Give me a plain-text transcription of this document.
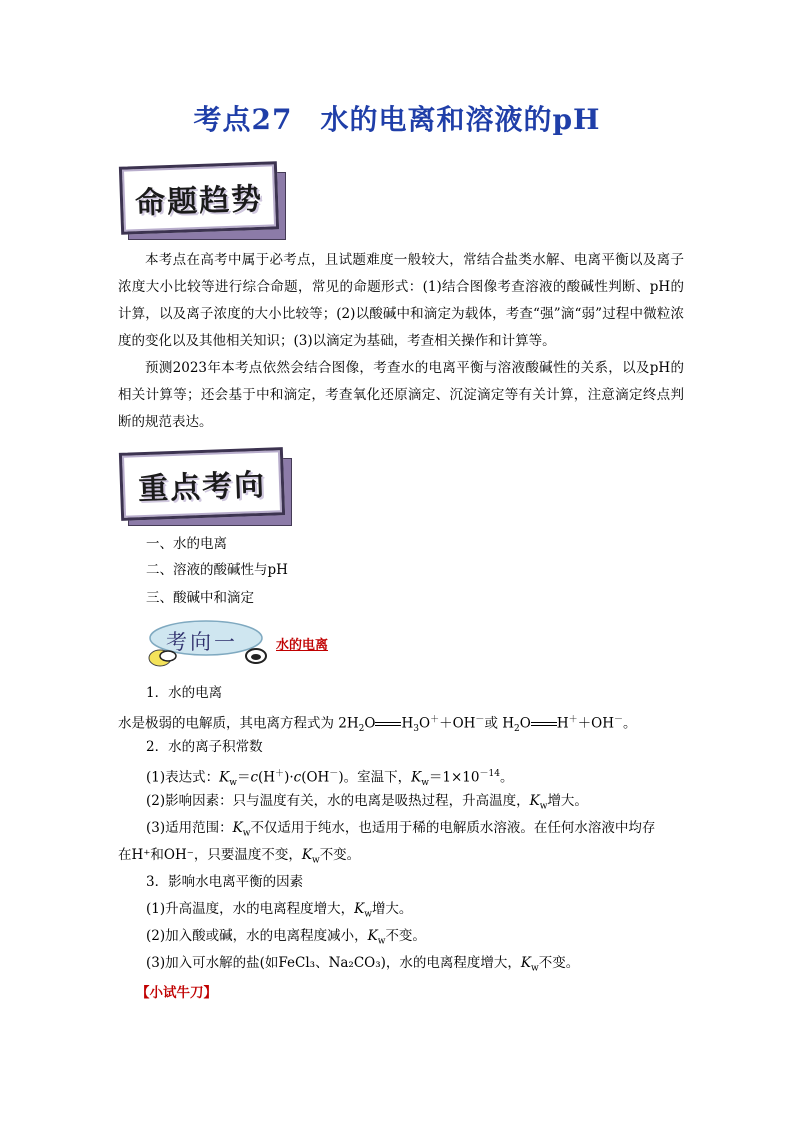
考点27 水的电离和溶液的pH
命题趋势

本考点在高考中属于必考点，且试题难度一般较大，常结合盐类水解、电离平衡以及离子浓度大小比较等进行综合命题，常见的命题形式：(1)结合图像考查溶液的酸碱性判断、pH的计算，以及离子浓度的大小比较等；(2)以酸碱中和滴定为载体，考查“强”滴“弱”过程中微粒浓度的变化以及其他相关知识；(3)以滴定为基础，考查相关操作和计算等。

预测2023年本考点依然会结合图像，考查水的电离平衡与溶液酸碱性的关系，以及pH的相关计算等；还会基于中和滴定，考查氧化还原滴定、沉淀滴定等有关计算，注意滴定终点判断的规范表达。

重点考向
一、水的电离
二、溶液的酸碱性与pH
三、酸碱中和滴定
考向一	水的电离
1．水的电离
水是极弱的电解质，其电离方程式为 $2H_2O$ $H_3O^++OH^-$或 $H_2O$ H＋＋OH－。
2．水的离子积常数
(1)表达式：$K_w=c(H^+)\cdot c(OH^-)$。室温下，$K_w=1\times 10^{-14}$。
(2)影响因素：只与温度有关，水的电离是吸热过程，升高温度，$K_w$增大。
(3)适用范围：$K_w$不仅适用于纯水，也适用于稀的电解质水溶液。在任何水溶液中均存
在H⁺和OH⁻，只要温度不变，$K_w$不变。
3．影响水电离平衡的因素
(1)升高温度，水的电离程度增大，$K_w$增大。
(2)加入酸或碱，水的电离程度减小，$K_w$不变。
(3)加入可水解的盐(如FeCl₃、Na₂CO₃)，水的电离程度增大，$K_w$不变。
【小试牛刀】
